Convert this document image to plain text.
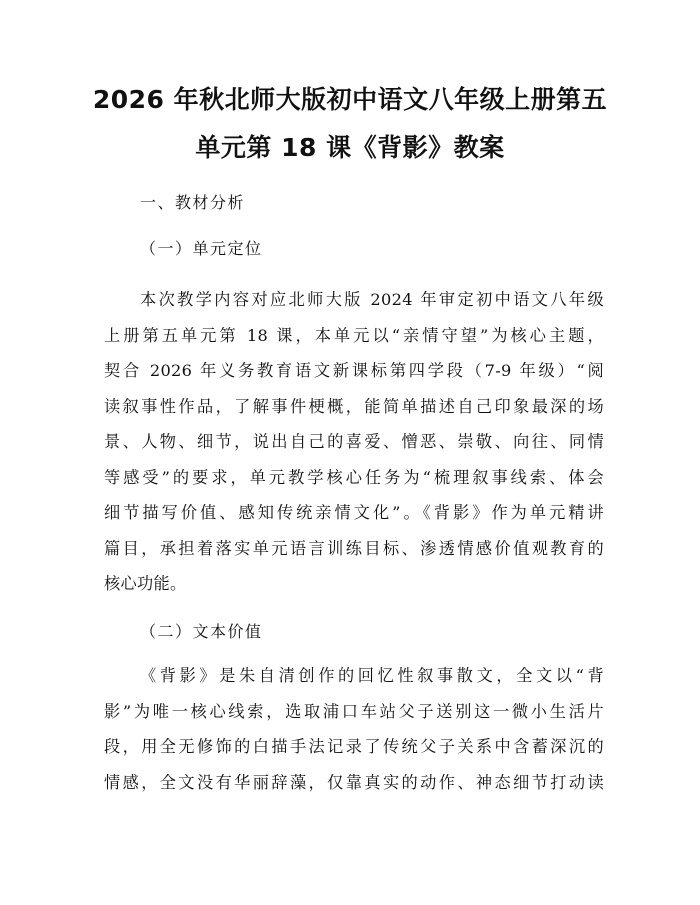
2026 年秋北师大版初中语文八年级上册第五
单元第 18 课《背影》教案
一、教材分析
（一）单元定位
本次教学内容对应北师大版 2024 年审定初中语文八年级
上册第五单元第 18 课，本单元以“亲情守望”为核心主题，
契合 2026 年义务教育语文新课标第四学段（7-9 年级）“阅
读叙事性作品，了解事件梗概，能简单描述自己印象最深的场
景、人物、细节，说出自己的喜爱、憎恶、崇敬、向往、同情
等感受”的要求，单元教学核心任务为“梳理叙事线索、体会
细节描写价值、感知传统亲情文化”。《背影》作为单元精讲
篇目，承担着落实单元语言训练目标、渗透情感价值观教育的
核心功能。
（二）文本价值
《背影》是朱自清创作的回忆性叙事散文，全文以“背
影”为唯一核心线索，选取浦口车站父子送别这一微小生活片
段，用全无修饰的白描手法记录了传统父子关系中含蓄深沉的
情感，全文没有华丽辞藻，仅靠真实的动作、神态细节打动读
